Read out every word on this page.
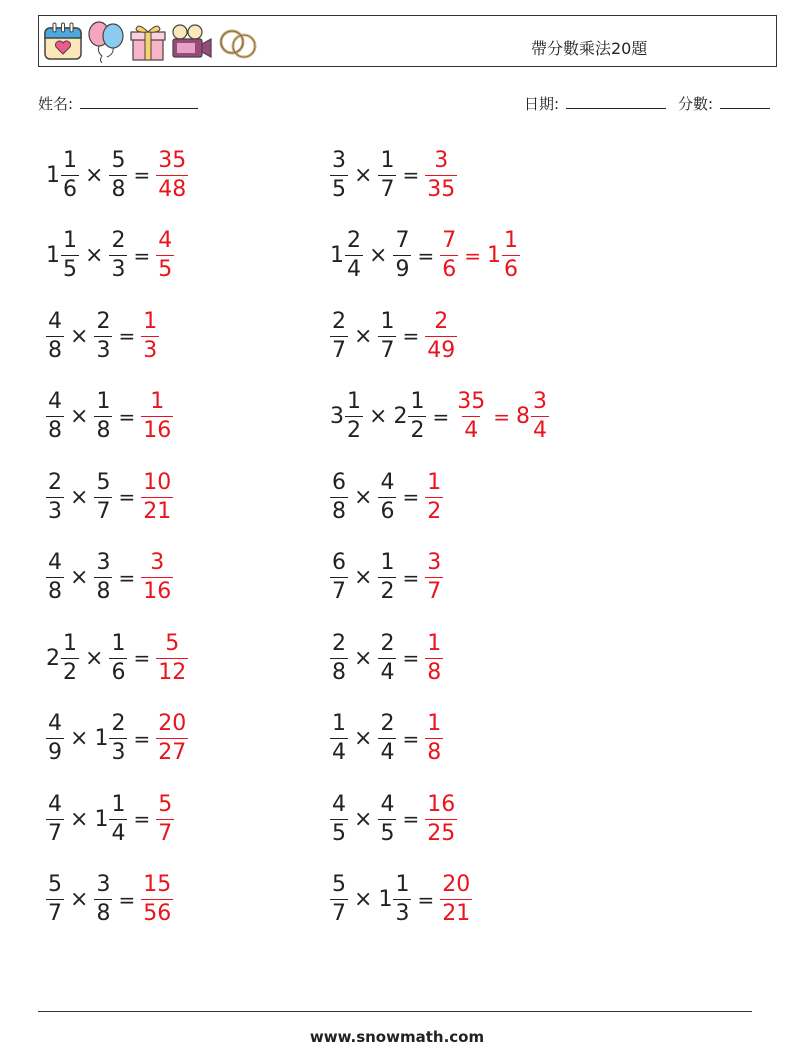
帶分數乘法20題
姓名:	日期:	分數:
$1 \frac{1}{6} \times \frac{5}{8} = \frac{35}{48}$	$\frac{3}{5} \times \frac{1}{7} = \frac{3}{35}$
$1 \frac{1}{5} \times \frac{2}{3} = \frac{4}{5}$	$1 \frac{2}{4} \times \frac{7}{9} = \frac{7}{6} = 1 \frac{1}{6}$
$\frac{4}{8} \times \frac{2}{3} = \frac{1}{3}$	$\frac{2}{7} \times \frac{1}{7} = \frac{2}{49}$
$\frac{4}{8} \times \frac{1}{8} = \frac{1}{16}$	$3 \frac{1}{2} \times 2 \frac{1}{2} = \frac{35}{4} = 8 \frac{3}{4}$
$\frac{2}{3} \times \frac{5}{7} = \frac{10}{21}$	$\frac{6}{8} \times \frac{4}{6} = \frac{1}{2}$
$\frac{4}{8} \times \frac{3}{8} = \frac{3}{16}$	$\frac{6}{7} \times \frac{1}{2} = \frac{3}{7}$
$2 \frac{1}{2} \times \frac{1}{6} = \frac{5}{12}$	$\frac{2}{8} \times \frac{2}{4} = \frac{1}{8}$
$\frac{4}{9} \times 1 \frac{2}{3} = \frac{20}{27}$	$\frac{1}{4} \times \frac{2}{4} = \frac{1}{8}$
$\frac{4}{7} \times 1 \frac{1}{4} = \frac{5}{7}$	$\frac{4}{5} \times \frac{4}{5} = \frac{16}{25}$
$\frac{5}{7} \times \frac{3}{8} = \frac{15}{56}$	$\frac{5}{7} \times 1 \frac{1}{3} = \frac{20}{21}$
www.snowmath.com
